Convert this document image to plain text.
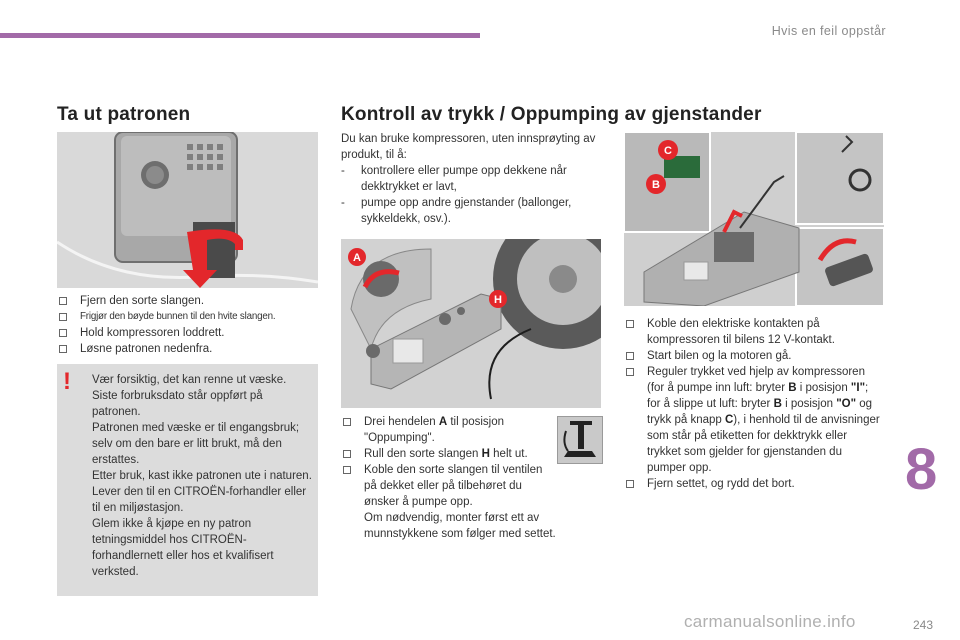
Hvis en feil oppstår
Ta ut patronen
Fjern den sorte slangen.
Frigjør den bøyde bunnen til den hvite slangen.
Hold kompressoren loddrett.
Løsne patronen nedenfra.
! Vær forsiktig, det kan renne ut væske.

Siste forbruksdato står oppført på patronen.

Patronen med væske er til engangsbruk; selv om den bare er litt brukt, må den erstattes.

Etter bruk, kast ikke patronen ute i naturen. Lever den til en CITROËN-forhandler eller til en miljøstasjon.

Glem ikke å kjøpe en ny patron tetningsmiddel hos CITROËN-forhandlernett eller hos et kvalifisert verksted.

Kontroll av trykk / Oppumping av gjenstander

Du kan bruke kompressoren, uten innsprøyting av produkt, til å:

- kontrollere eller pumpe opp dekkene når dekktrykket er lavt,

- pumpe opp andre gjenstander (ballonger, sykkeldekk, osv.).

A
H
C
B
Drei hendelen A til posisjon "Oppumping".
Rull den sorte slangen H helt ut.
Koble den sorte slangen til ventilen på dekket eller på tilbehøret du ønsker å pumpe opp.
Om nødvendig, monter først ett av munnstykkene som følger med settet.
Koble den elektriske kontakten på kompressoren til bilens 12 V-kontakt.
Start bilen og la motoren gå.
Reguler trykket ved hjelp av kompressoren (for å pumpe inn luft: bryter B i posisjon "I"; for å slippe ut luft: bryter B i posisjon "O" og trykk på knapp C), i henhold til de anvisninger som står på etiketten for dekktrykk eller trykket som gjelder for gjenstanden du pumper opp.
Fjern settet, og rydd det bort.	8
carmanualsonline.info	243
